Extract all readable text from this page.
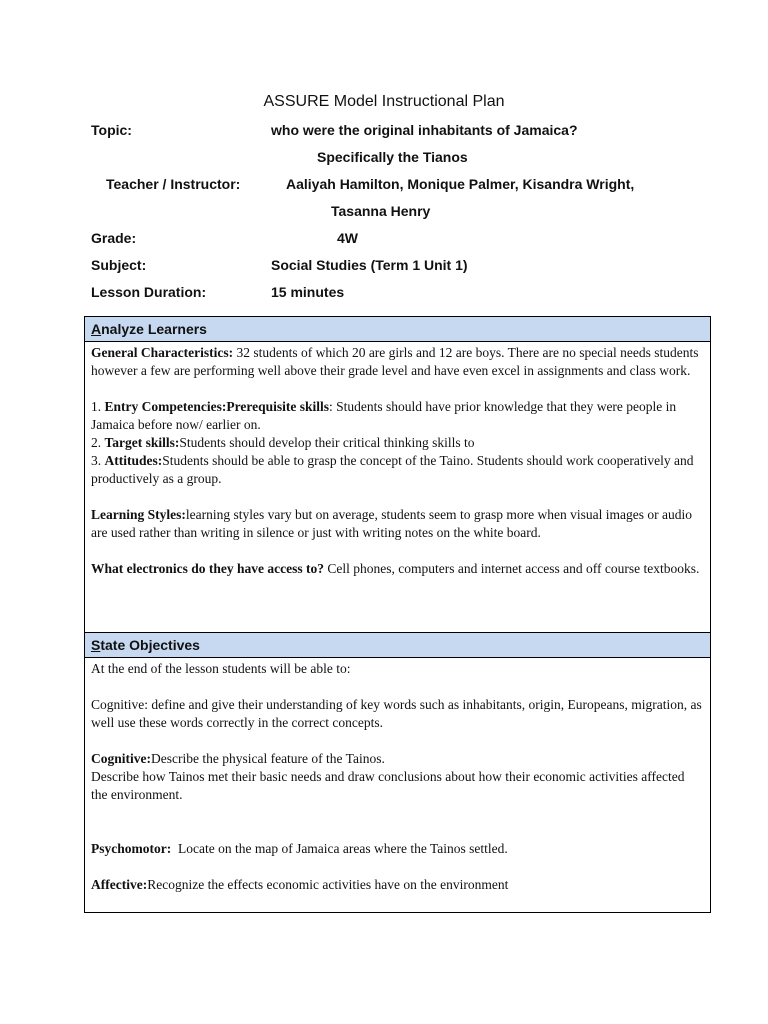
ASSURE Model Instructional Plan
Topic:	who were the original inhabitants of Jamaica?
Specifically the Tianos
Teacher / Instructor:	Aaliyah Hamilton, Monique Palmer, Kisandra Wright,
Tasanna Henry
Grade:	4W
Subject:	Social Studies (Term 1 Unit 1)
Lesson Duration:	15 minutes
Analyze Learners

General Characteristics: 32 students of which 20 are girls and 12 are boys. There are no special needs students however a few are performing well above their grade level and have even excel in assignments and class work.

1. Entry Competencies:Prerequisite skills: Students should have prior knowledge that they were people in Jamaica before now/ earlier on.

2. Target skills:Students should develop their critical thinking skills to

3. Attitudes:Students should be able to grasp the concept of the Taino. Students should work cooperatively and productively as a group.

Learning Styles:learning styles vary but on average, students seem to grasp more when visual images or audio are used rather than writing in silence or just with writing notes on the white board.

What electronics do they have access to? Cell phones, computers and internet access and off course textbooks.

State Objectives

At the end of the lesson students will be able to:

Cognitive: define and give their understanding of key words such as inhabitants, origin, Europeans, migration, as well use these words correctly in the correct concepts.

Cognitive:Describe the physical feature of the Tainos.

Describe how Tainos met their basic needs and draw conclusions about how their economic activities affected the environment.

Psychomotor:  Locate on the map of Jamaica areas where the Tainos settled.

Affective:Recognize the effects economic activities have on the environment
